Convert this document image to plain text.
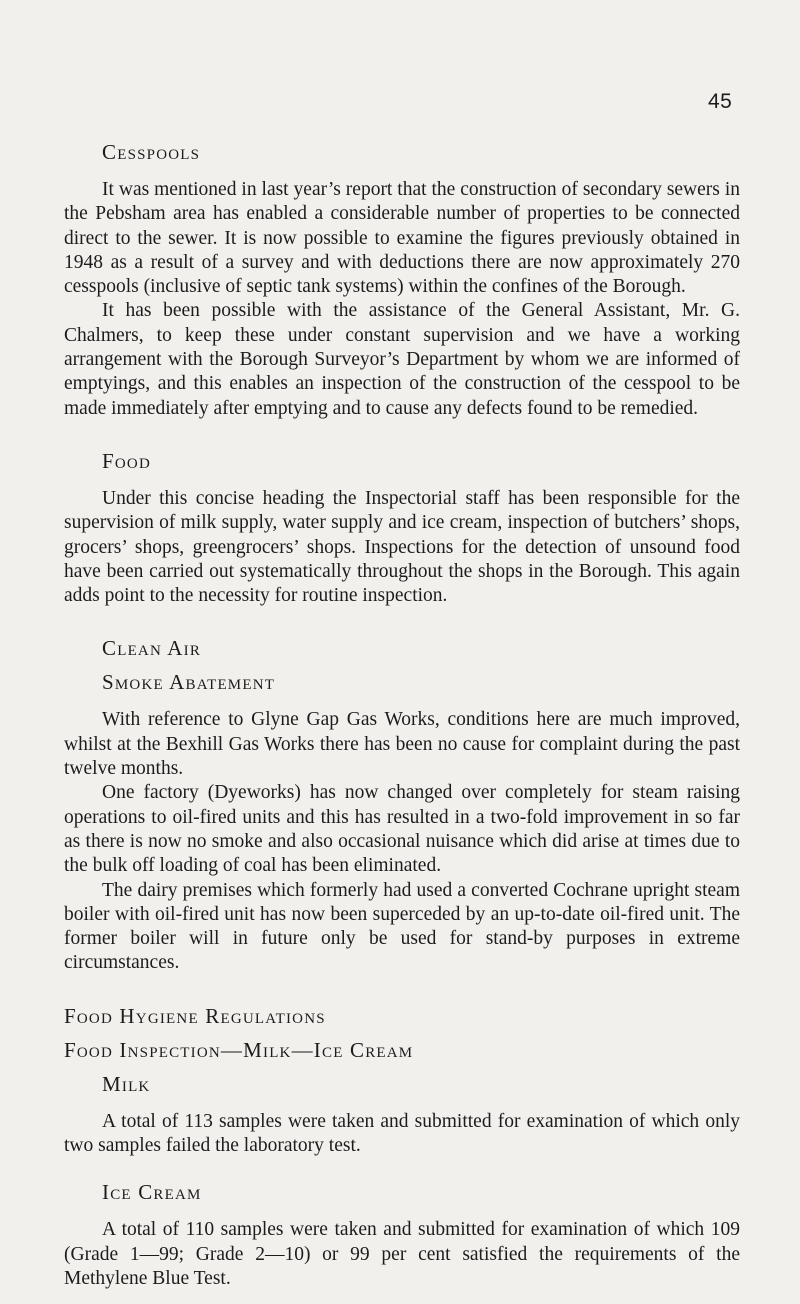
45
Cesspools

It was mentioned in last year’s report that the construction of secondary sewers in the Pebsham area has enabled a considerable number of properties to be connected direct to the sewer. It is now possible to examine the figures previously obtained in 1948 as a result of a survey and with deductions there are now approximately 270 cesspools (inclusive of septic tank systems) within the confines of the Borough.

It has been possible with the assistance of the General Assistant, Mr. G. Chalmers, to keep these under constant supervision and we have a working arrangement with the Borough Surveyor’s Department by whom we are informed of emptyings, and this enables an inspection of the construction of the cesspool to be made immediately after emptying and to cause any defects found to be remedied.

Food

Under this concise heading the Inspectorial staff has been responsible for the supervision of milk supply, water supply and ice cream, inspection of butchers’ shops, grocers’ shops, greengrocers’ shops. Inspections for the detection of unsound food have been carried out systematically throughout the shops in the Borough. This again adds point to the necessity for routine inspection.

Clean Air
Smoke Abatement

With reference to Glyne Gap Gas Works, conditions here are much improved, whilst at the Bexhill Gas Works there has been no cause for complaint during the past twelve months.

One factory (Dyeworks) has now changed over completely for steam raising operations to oil-fired units and this has resulted in a two-fold improvement in so far as there is now no smoke and also occasional nuisance which did arise at times due to the bulk off loading of coal has been eliminated.

The dairy premises which formerly had used a converted Cochrane upright steam boiler with oil-fired unit has now been superceded by an up-to-date oil-fired unit. The former boiler will in future only be used for stand-by purposes in extreme circumstances.

Food Hygiene Regulations
Food Inspection—Milk—Ice Cream
Milk

A total of 113 samples were taken and submitted for examination of which only two samples failed the laboratory test.

Ice Cream

A total of 110 samples were taken and submitted for examination of which 109 (Grade 1—99; Grade 2—10) or 99 per cent satisfied the requirements of the Methylene Blue Test.
